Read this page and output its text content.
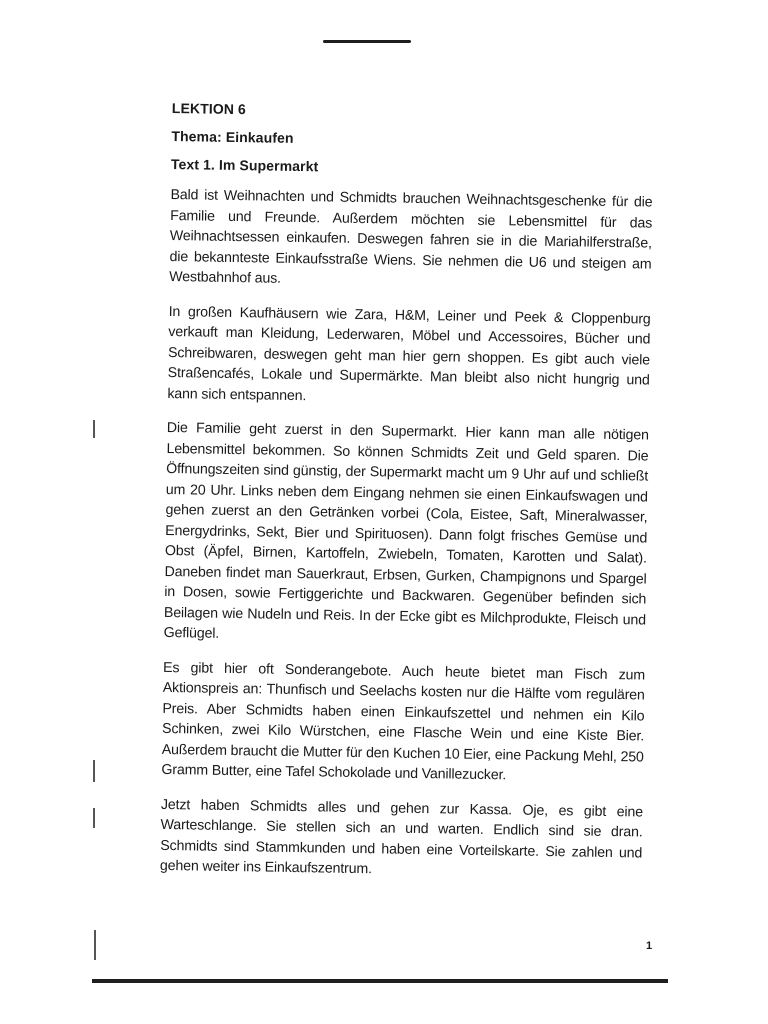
LEKTION 6
Thema: Einkaufen
Text 1. Im Supermarkt

Bald ist Weihnachten und Schmidts brauchen Weihnachtsgeschenke für die Familie und Freunde. Außerdem möchten sie Lebensmittel für das Weihnachtsessen einkaufen. Deswegen fahren sie in die Mariahilferstraße, die bekannteste Einkaufsstraße Wiens. Sie nehmen die U6 und steigen am Westbahnhof aus.

In großen Kaufhäusern wie Zara, H&M, Leiner und Peek & Cloppenburg verkauft man Kleidung, Lederwaren, Möbel und Accessoires, Bücher und Schreibwaren, deswegen geht man hier gern shoppen. Es gibt auch viele Straßencafés, Lokale und Supermärkte. Man bleibt also nicht hungrig und kann sich entspannen.

Die Familie geht zuerst in den Supermarkt. Hier kann man alle nötigen Lebensmittel bekommen. So können Schmidts Zeit und Geld sparen. Die Öffnungszeiten sind günstig, der Supermarkt macht um 9 Uhr auf und schließt um 20 Uhr. Links neben dem Eingang nehmen sie einen Einkaufswagen und gehen zuerst an den Getränken vorbei (Cola, Eistee, Saft, Mineralwasser, Energydrinks, Sekt, Bier und Spirituosen). Dann folgt frisches Gemüse und Obst (Äpfel, Birnen, Kartoffeln, Zwiebeln, Tomaten, Karotten und Salat). Daneben findet man Sauerkraut, Erbsen, Gurken, Champignons und Spargel in Dosen, sowie Fertiggerichte und Backwaren. Gegenüber befinden sich Beilagen wie Nudeln und Reis. In der Ecke gibt es Milchprodukte, Fleisch und Geflügel.

Es gibt hier oft Sonderangebote. Auch heute bietet man Fisch zum Aktionspreis an: Thunfisch und Seelachs kosten nur die Hälfte vom regulären Preis. Aber Schmidts haben einen Einkaufszettel und nehmen ein Kilo Schinken, zwei Kilo Würstchen, eine Flasche Wein und eine Kiste Bier. Außerdem braucht die Mutter für den Kuchen 10 Eier, eine Packung Mehl, 250 Gramm Butter, eine Tafel Schokolade und Vanillezucker.

Jetzt haben Schmidts alles und gehen zur Kassa. Oje, es gibt eine Warteschlange. Sie stellen sich an und warten. Endlich sind sie dran. Schmidts sind Stammkunden und haben eine Vorteilskarte. Sie zahlen und gehen weiter ins Einkaufszentrum.

1
